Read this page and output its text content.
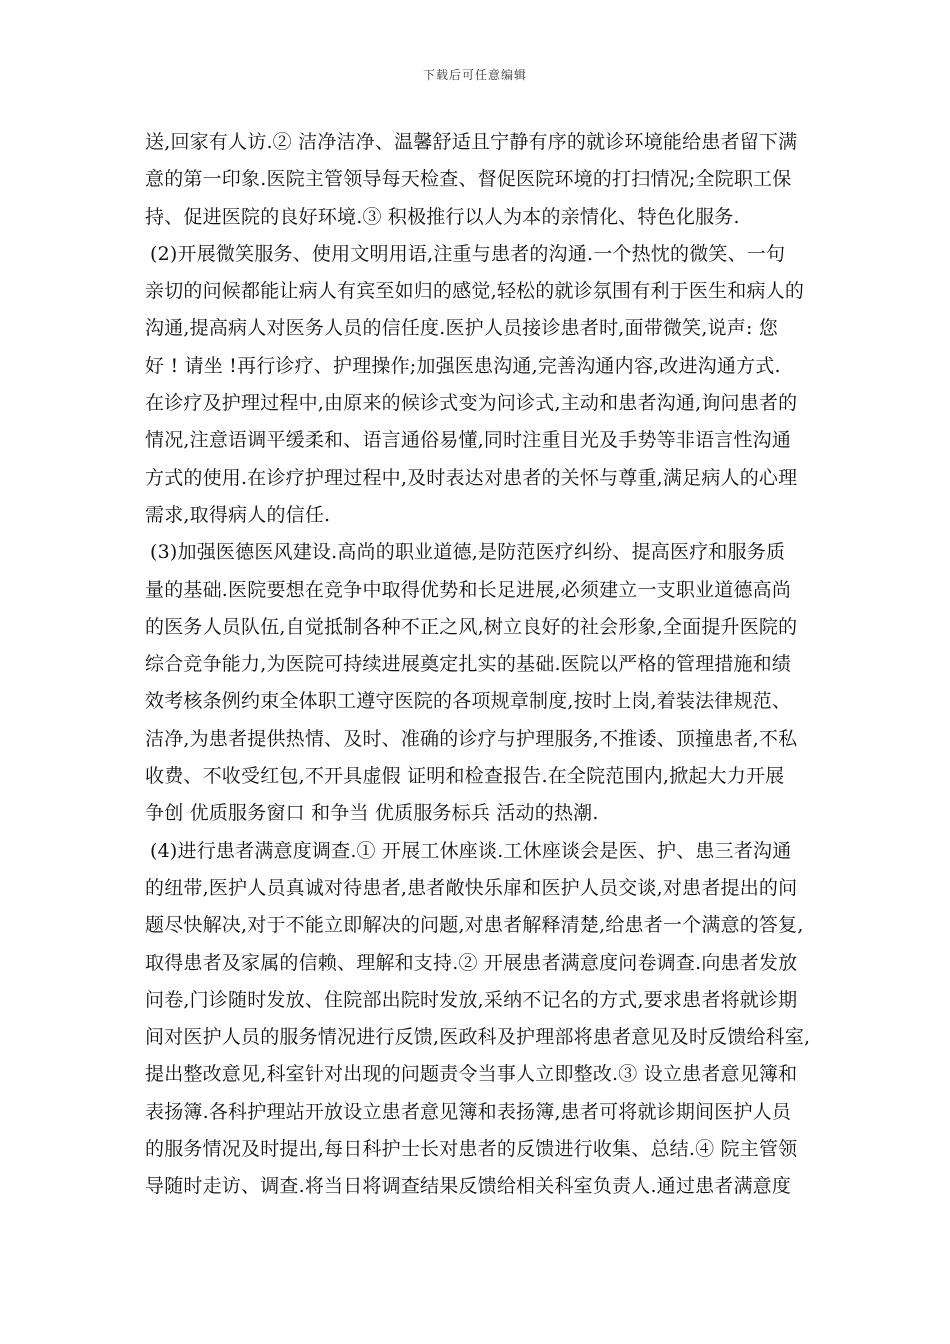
下载后可任意编辑
送,回家有人访.② 洁净洁净、温馨舒适且宁静有序的就诊环境能给患者留下满
意的第一印象.医院主管领导每天检查、督促医院环境的打扫情况;全院职工保
持、促进医院的良好环境.③ 积极推行以人为本的亲情化、特色化服务.
(2)开展微笑服务、使用文明用语,注重与患者的沟通.一个热忱的微笑、一句
亲切的问候都能让病人有宾至如归的感觉,轻松的就诊氛围有利于医生和病人的
沟通,提高病人对医务人员的信任度.医护人员接诊患者时,面带微笑,说声: 您
好 ! 请坐 !再行诊疗、护理操作;加强医患沟通,完善沟通内容,改进沟通方式.
在诊疗及护理过程中,由原来的候诊式变为问诊式,主动和患者沟通,询问患者的
情况,注意语调平缓柔和、语言通俗易懂,同时注重目光及手势等非语言性沟通
方式的使用.在诊疗护理过程中,及时表达对患者的关怀与尊重,满足病人的心理
需求,取得病人的信任.
(3)加强医德医风建设.高尚的职业道德,是防范医疗纠纷、提高医疗和服务质
量的基础.医院要想在竞争中取得优势和长足进展,必须建立一支职业道德高尚
的医务人员队伍,自觉抵制各种不正之风,树立良好的社会形象,全面提升医院的
综合竞争能力,为医院可持续进展奠定扎实的基础.医院以严格的管理措施和绩
效考核条例约束全体职工遵守医院的各项规章制度,按时上岗,着装法律规范、
洁净,为患者提供热情、及时、准确的诊疗与护理服务,不推诿、顶撞患者,不私
收费、不收受红包,不开具虚假 证明和检查报告.在全院范围内,掀起大力开展
争创 优质服务窗口 和争当 优质服务标兵 活动的热潮.
(4)进行患者满意度调查.① 开展工休座谈.工休座谈会是医、护、患三者沟通
的纽带,医护人员真诚对待患者,患者敞快乐扉和医护人员交谈,对患者提出的问
题尽快解决,对于不能立即解决的问题,对患者解释清楚,给患者一个满意的答复,
取得患者及家属的信赖、理解和支持.② 开展患者满意度问卷调查.向患者发放
问卷,门诊随时发放、住院部出院时发放,采纳不记名的方式,要求患者将就诊期
间对医护人员的服务情况进行反馈,医政科及护理部将患者意见及时反馈给科室,
提出整改意见,科室针对出现的问题责令当事人立即整改.③ 设立患者意见簿和
表扬簿.各科护理站开放设立患者意见簿和表扬簿,患者可将就诊期间医护人员
的服务情况及时提出,每日科护士长对患者的反馈进行收集、总结.④ 院主管领
导随时走访、调查.将当日将调查结果反馈给相关科室负责人.通过患者满意度
